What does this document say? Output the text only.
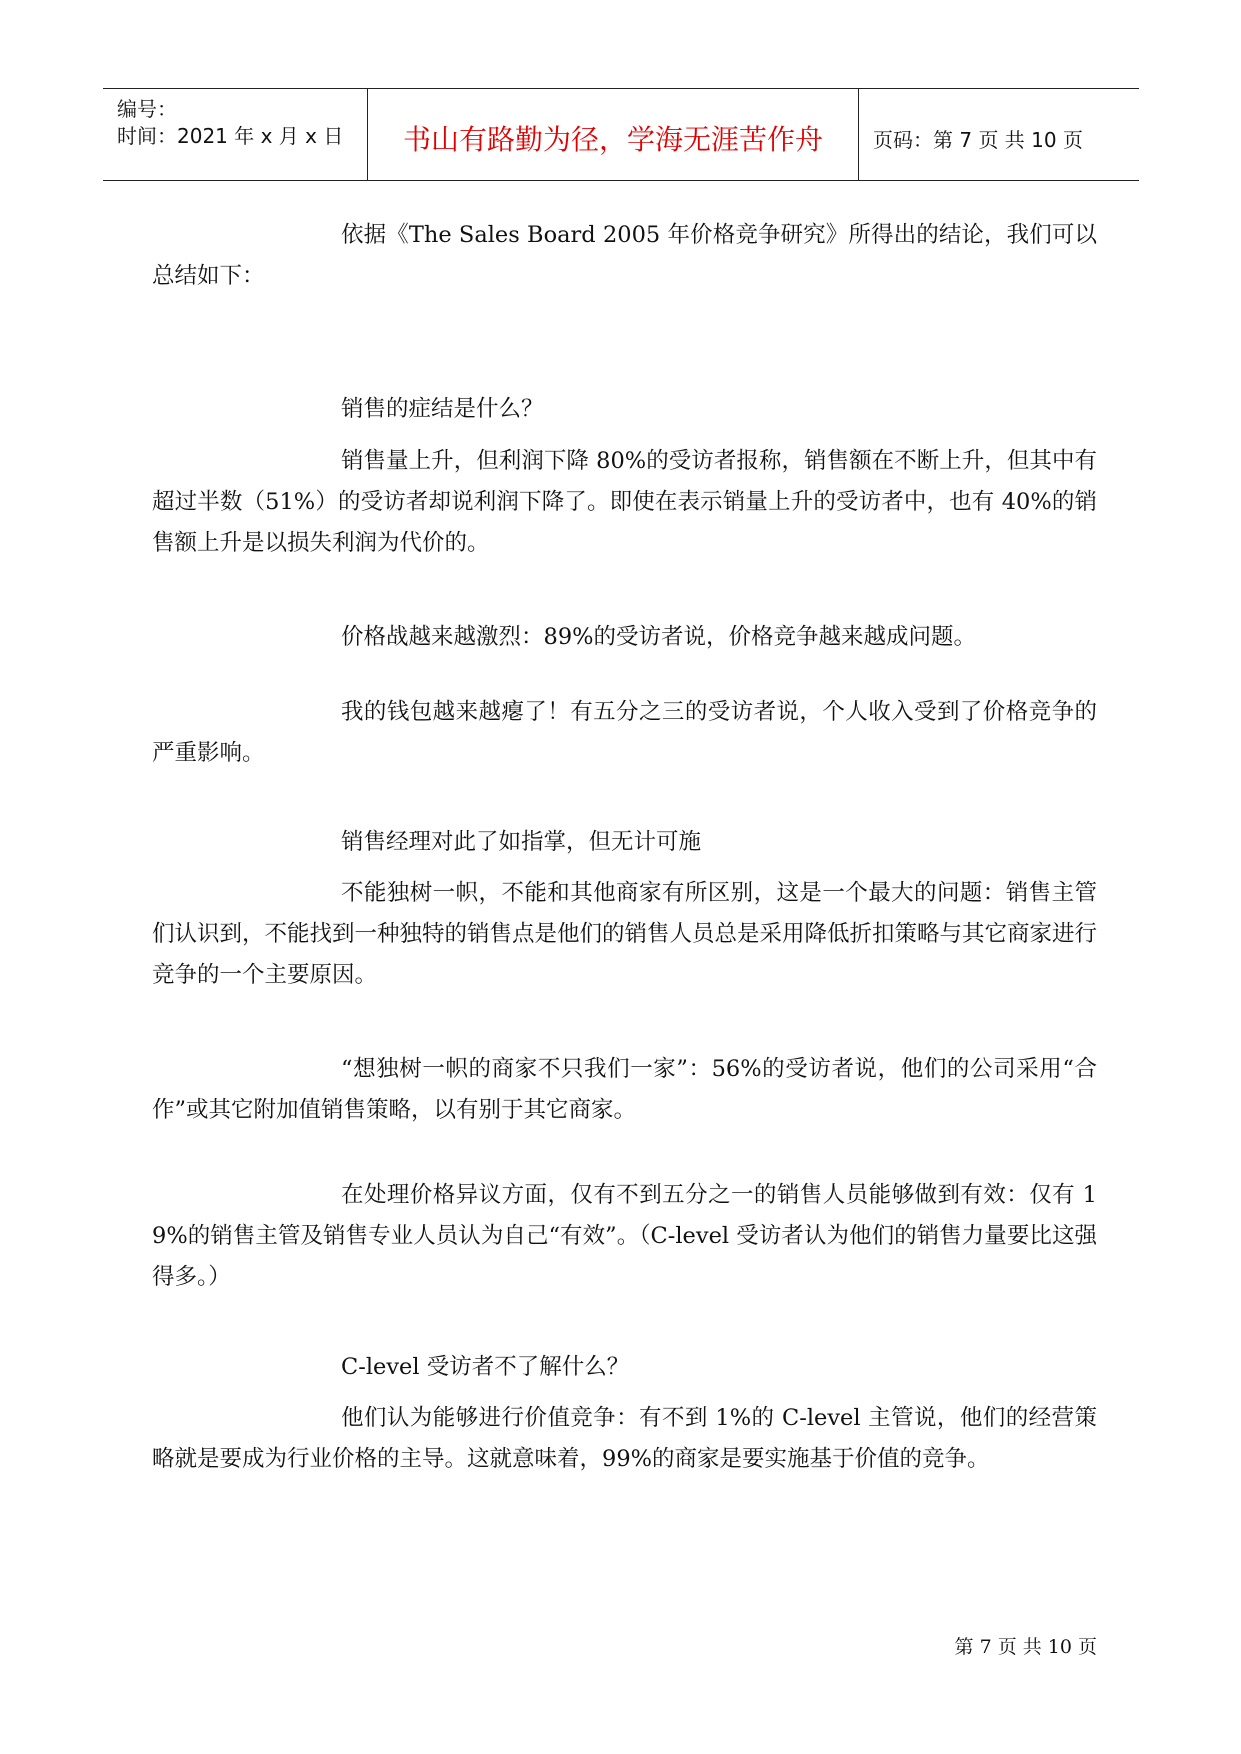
编号：
时间：2021 年 x 月 x 日	书山有路勤为径，学海无涯苦作舟	页码：第 7 页 共 10 页

依据《The Sales Board 2005 年价格竞争研究》所得出的结论，我们可以总结如下：

销售的症结是什么？

销售量上升，但利润下降 80%的受访者报称，销售额在不断上升，但其中有超过半数（51%）的受访者却说利润下降了。即使在表示销量上升的受访者中，也有 40%的销售额上升是以损失利润为代价的。

价格战越来越激烈：89%的受访者说，价格竞争越来越成问题。

我的钱包越来越瘪了！有五分之三的受访者说，个人收入受到了价格竞争的严重影响。

销售经理对此了如指掌，但无计可施

不能独树一帜，不能和其他商家有所区别，这是一个最大的问题：销售主管们认识到，不能找到一种独特的销售点是他们的销售人员总是采用降低折扣策略与其它商家进行竞争的一个主要原因。

“想独树一帜的商家不只我们一家”：56%的受访者说，他们的公司采用“合作”或其它附加值销售策略，以有别于其它商家。

在处理价格异议方面，仅有不到五分之一的销售人员能够做到有效：仅有 19%的销售主管及销售专业人员认为自己“有效”。（C-level 受访者认为他们的销售力量要比这强得多。）

C-level 受访者不了解什么？

他们认为能够进行价值竞争：有不到 1%的 C-level 主管说，他们的经营策略就是要成为行业价格的主导。这就意味着，99%的商家是要实施基于价值的竞争。

第 7 页 共 10 页
